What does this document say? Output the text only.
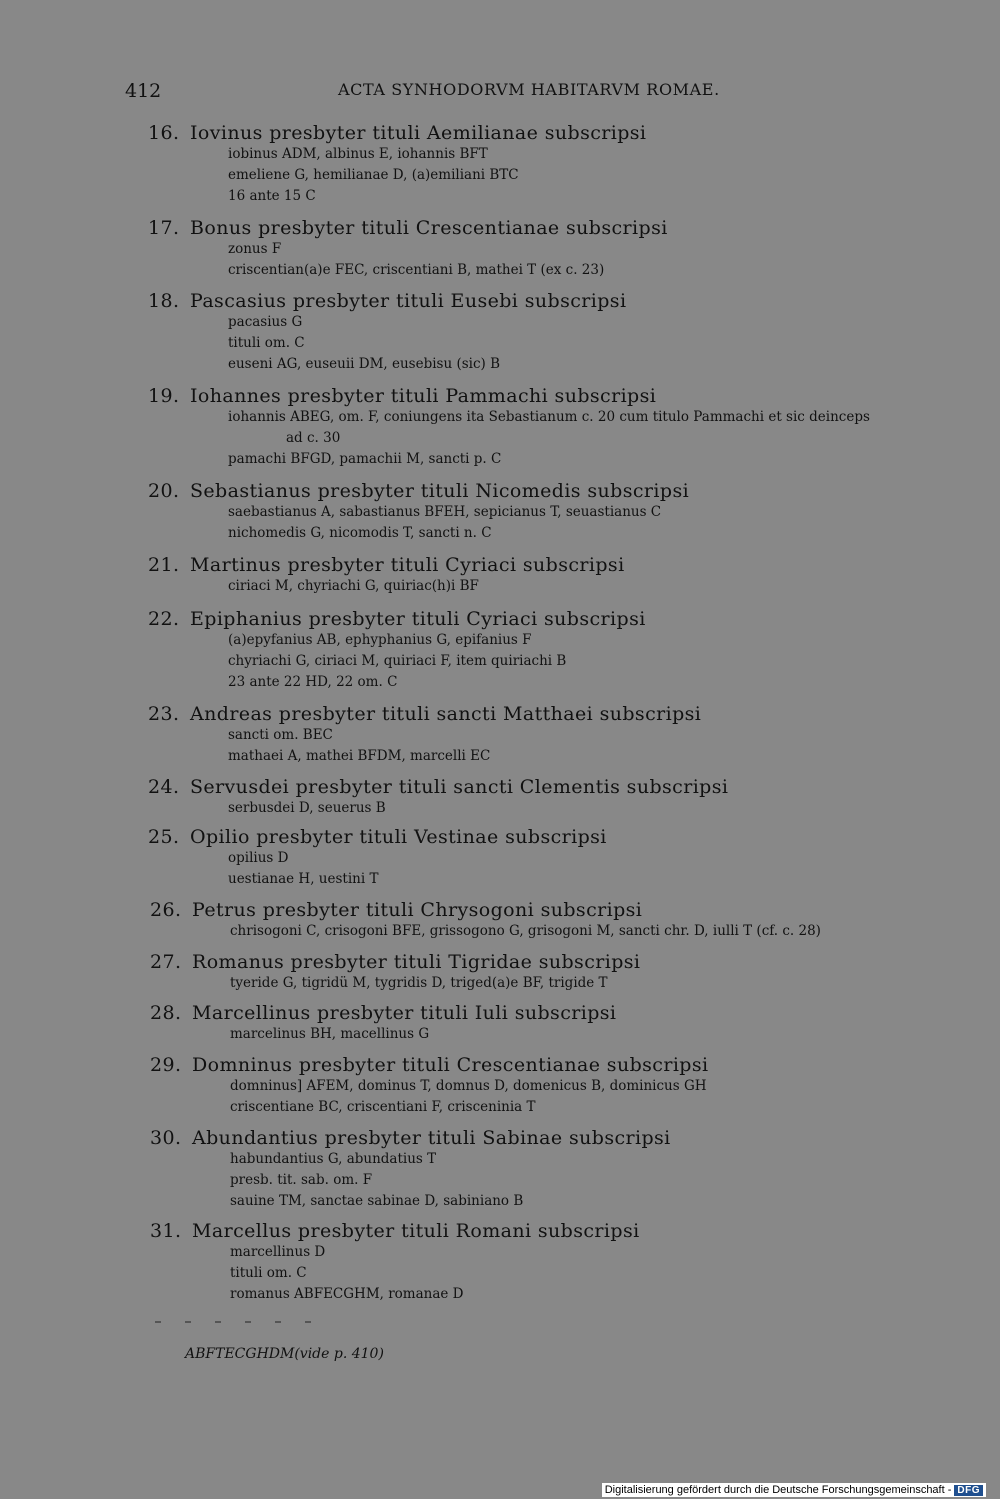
412	ACTA SYNHODORVM HABITARVM ROMAE.
16. Iovinus presbyter tituli Aemilianae subscripsi
iobinus ADM, albinus E, iohannis BFT
emeliene G, hemilianae D, (a)emiliani BTC
16 ante 15 C
17. Bonus presbyter tituli Crescentianae subscripsi
zonus F
criscentian(a)e FEC, criscentiani B, mathei T (ex c. 23)
18. Pascasius presbyter tituli Eusebi subscripsi
pacasius G
tituli om. C
euseni AG, euseuii DM, eusebisu (sic) B
19. Iohannes presbyter tituli Pammachi subscripsi
iohannis ABEG, om. F, coniungens ita Sebastianum c. 20 cum titulo Pammachi et sic deinceps
ad c. 30
pamachi BFGD, pamachii M, sancti p. C
20. Sebastianus presbyter tituli Nicomedis subscripsi
saebastianus A, sabastianus BFEH, sepicianus T, seuastianus C
nichomedis G, nicomodis T, sancti n. C
21. Martinus presbyter tituli Cyriaci subscripsi
ciriaci M, chyriachi G, quiriac(h)i BF
22. Epiphanius presbyter tituli Cyriaci subscripsi
(a)epyfanius AB, ephyphanius G, epifanius F
chyriachi G, ciriaci M, quiriaci F, item quiriachi B
23 ante 22 HD, 22 om. C
23. Andreas presbyter tituli sancti Matthaei subscripsi
sancti om. BEC
mathaei A, mathei BFDM, marcelli EC
24. Servusdei presbyter tituli sancti Clementis subscripsi
serbusdei D, seuerus B
25. Opilio presbyter tituli Vestinae subscripsi
opilius D
uestianae H, uestini T
26. Petrus presbyter tituli Chrysogoni subscripsi
chrisogoni C, crisogoni BFE, grissogono G, grisogoni M, sancti chr. D, iulli T (cf. c. 28)
27. Romanus presbyter tituli Tigridae subscripsi
tyeride G, tigridü M, tygridis D, triged(a)e BF, trigide T
28. Marcellinus presbyter tituli Iuli subscripsi
marcelinus BH, macellinus G
29. Domninus presbyter tituli Crescentianae subscripsi
domninus] AFEM, dominus T, domnus D, domenicus B, dominicus GH
criscentiane BC, criscentiani F, crisceninia T
30. Abundantius presbyter tituli Sabinae subscripsi
habundantius G, abundatius T
presb. tit. sab. om. F
sauine TM, sanctae sabinae D, sabiniano B
31. Marcellus presbyter tituli Romani subscripsi
marcellinus D
tituli om. C
romanus ABFECGHM, romanae D
ABFTECGHDM(vide p. 410)
Digitalisierung gefördert durch die Deutsche Forschungsgemeinschaft - DFG
